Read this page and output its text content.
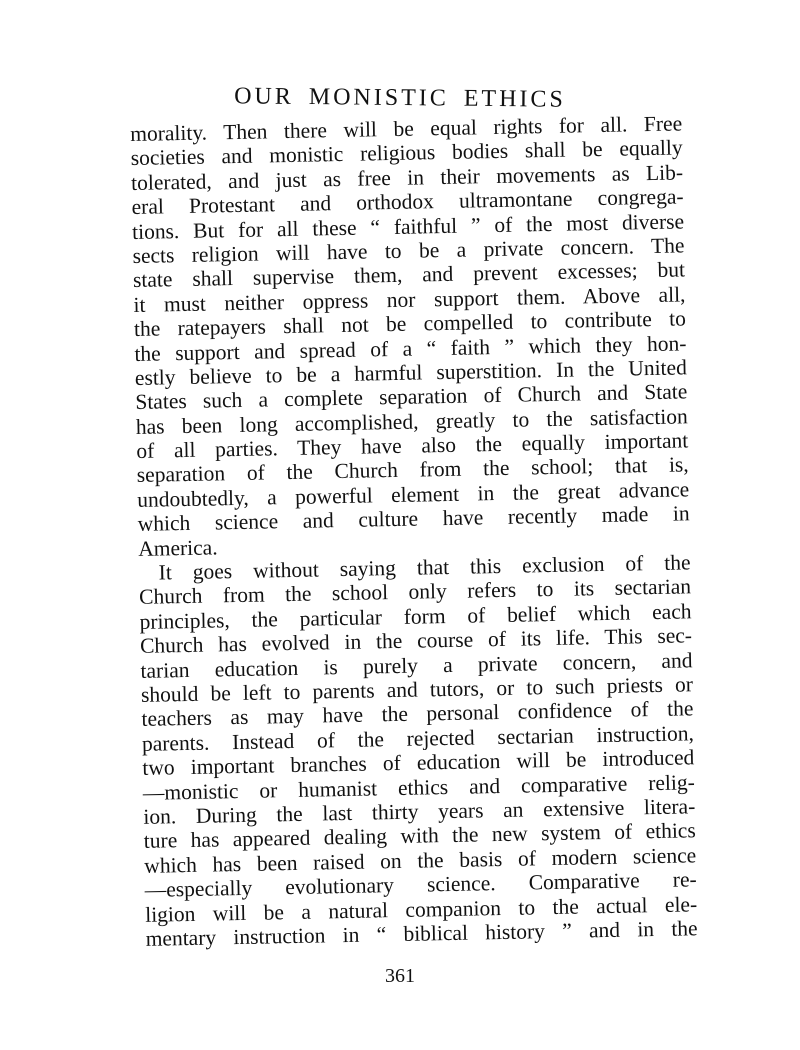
OUR MONISTIC ETHICS
morality. Then there will be equal rights for all. Free
societies and monistic religious bodies shall be equally
tolerated, and just as free in their movements as Lib-
eral Protestant and orthodox ultramontane congrega-
tions. But for all these “ faithful ” of the most diverse
sects religion will have to be a private concern. The
state shall supervise them, and prevent excesses; but
it must neither oppress nor support them. Above all,
the ratepayers shall not be compelled to contribute to
the support and spread of a “ faith ” which they hon-
estly believe to be a harmful superstition. In the United
States such a complete separation of Church and State
has been long accomplished, greatly to the satisfaction
of all parties. They have also the equally important
separation of the Church from the school; that is,
undoubtedly, a powerful element in the great advance
which science and culture have recently made in
America.
It goes without saying that this exclusion of the
Church from the school only refers to its sectarian
principles, the particular form of belief which each
Church has evolved in the course of its life. This sec-
tarian education is purely a private concern, and
should be left to parents and tutors, or to such priests or
teachers as may have the personal confidence of the
parents. Instead of the rejected sectarian instruction,
two important branches of education will be introduced
—monistic or humanist ethics and comparative relig-
ion. During the last thirty years an extensive litera-
ture has appeared dealing with the new system of ethics
which has been raised on the basis of modern science
—especially evolutionary science. Comparative re-
ligion will be a natural companion to the actual ele-
mentary instruction in “ biblical history ” and in the
361
